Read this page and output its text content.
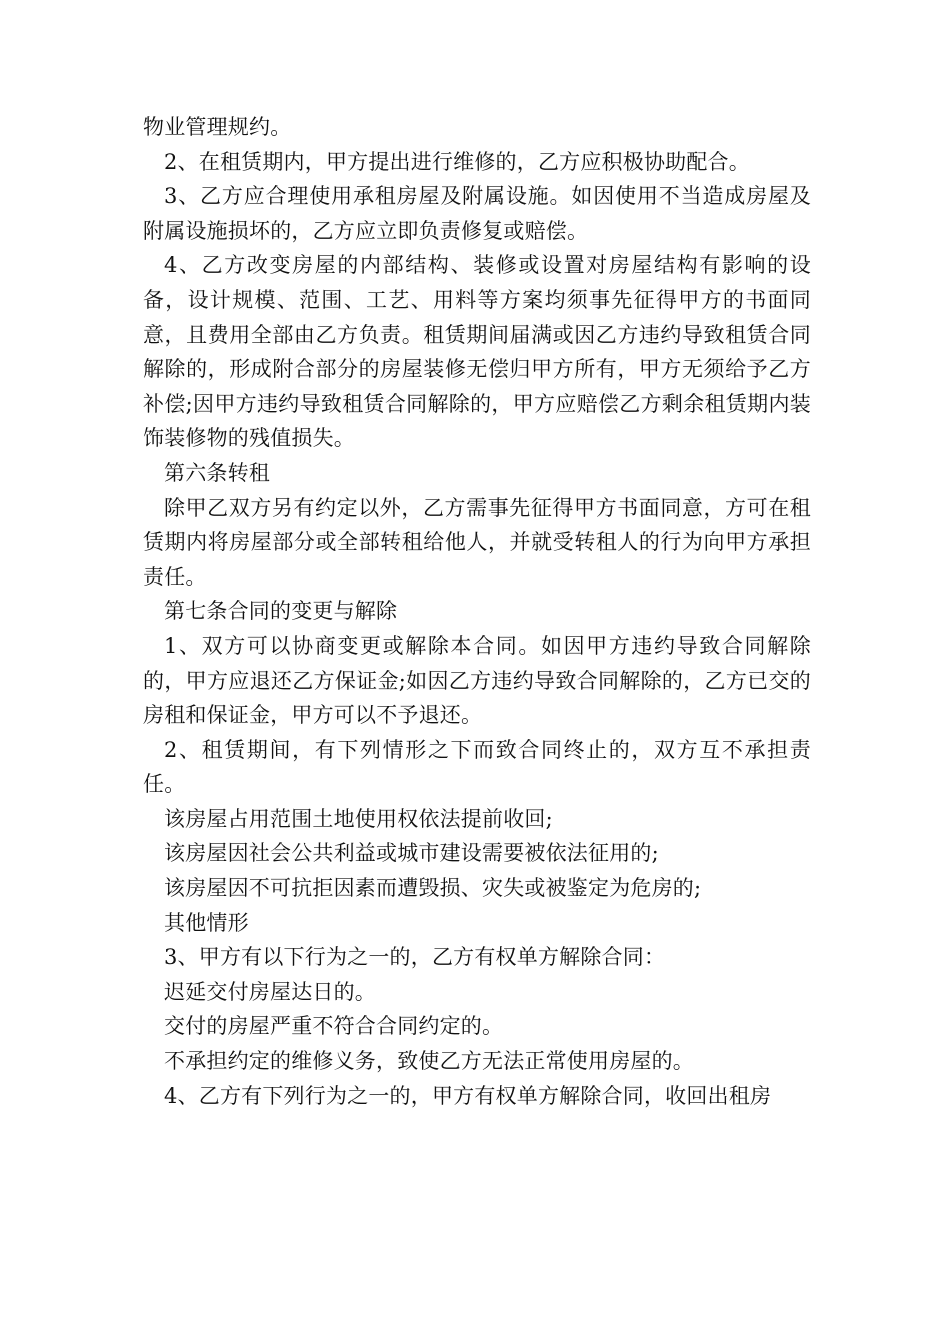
物业管理规约。

2、在租赁期内，甲方提出进行维修的，乙方应积极协助配合。

3、乙方应合理使用承租房屋及附属设施。如因使用不当造成房屋及附属设施损坏的，乙方应立即负责修复或赔偿。

4、乙方改变房屋的内部结构、装修或设置对房屋结构有影响的设备，设计规模、范围、工艺、用料等方案均须事先征得甲方的书面同意，且费用全部由乙方负责。租赁期间届满或因乙方违约导致租赁合同解除的，形成附合部分的房屋装修无偿归甲方所有，甲方无须给予乙方补偿;因甲方违约导致租赁合同解除的，甲方应赔偿乙方剩余租赁期内装饰装修物的残值损失。

第六条转租

除甲乙双方另有约定以外，乙方需事先征得甲方书面同意，方可在租赁期内将房屋部分或全部转租给他人，并就受转租人的行为向甲方承担责任。

第七条合同的变更与解除

1、双方可以协商变更或解除本合同。如因甲方违约导致合同解除的，甲方应退还乙方保证金;如因乙方违约导致合同解除的，乙方已交的房租和保证金，甲方可以不予退还。

2、租赁期间，有下列情形之下而致合同终止的，双方互不承担责任。

该房屋占用范围土地使用权依法提前收回;

该房屋因社会公共利益或城市建设需要被依法征用的;

该房屋因不可抗拒因素而遭毁损、灾失或被鉴定为危房的;

其他情形

3、甲方有以下行为之一的，乙方有权单方解除合同：

迟延交付房屋达日的。

交付的房屋严重不符合合同约定的。

不承担约定的维修义务，致使乙方无法正常使用房屋的。

4、乙方有下列行为之一的，甲方有权单方解除合同，收回出租房
